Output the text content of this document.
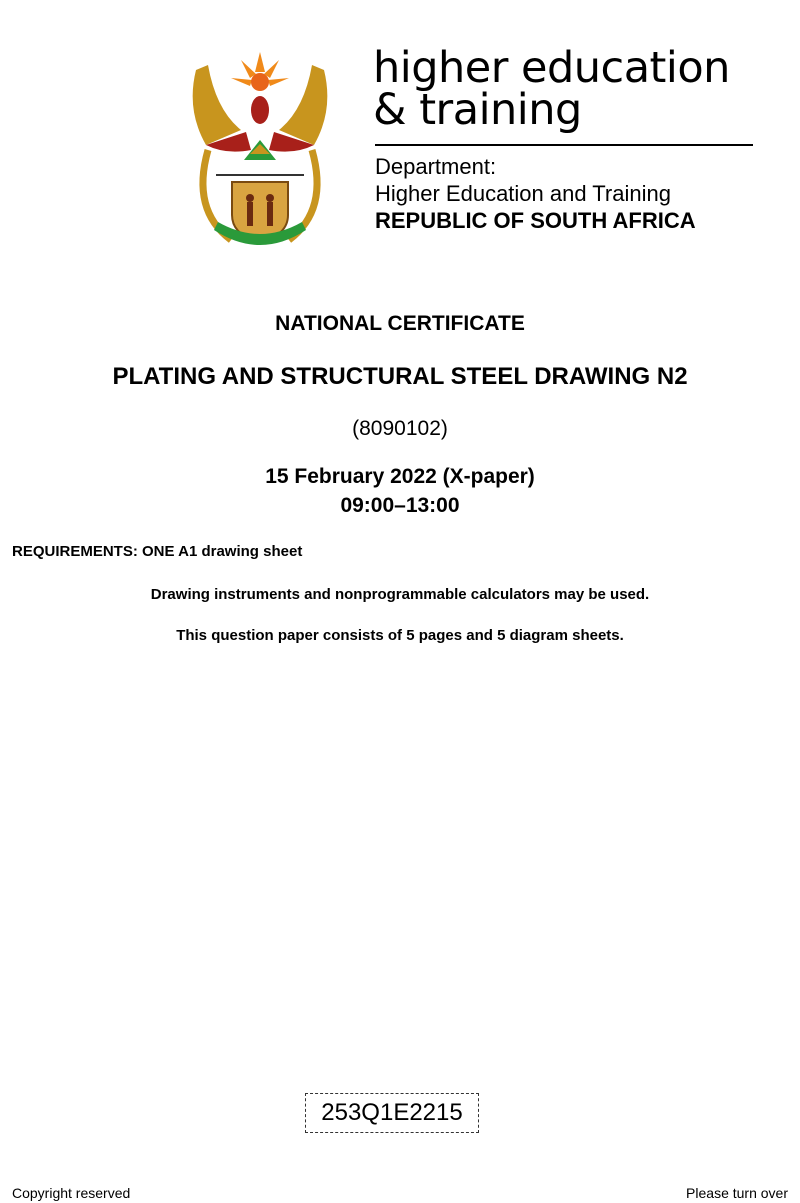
higher education
& training
Department:
Higher Education and Training
REPUBLIC OF SOUTH AFRICA
NATIONAL CERTIFICATE
PLATING AND STRUCTURAL STEEL DRAWING N2
(8090102)
15 February 2022 (X-paper)
09:00–13:00
REQUIREMENTS: ONE A1 drawing sheet
Drawing instruments and nonprogrammable calculators may be used.
This question paper consists of 5 pages and 5 diagram sheets.
253Q1E2215
Copyright reserved	Please turn over
